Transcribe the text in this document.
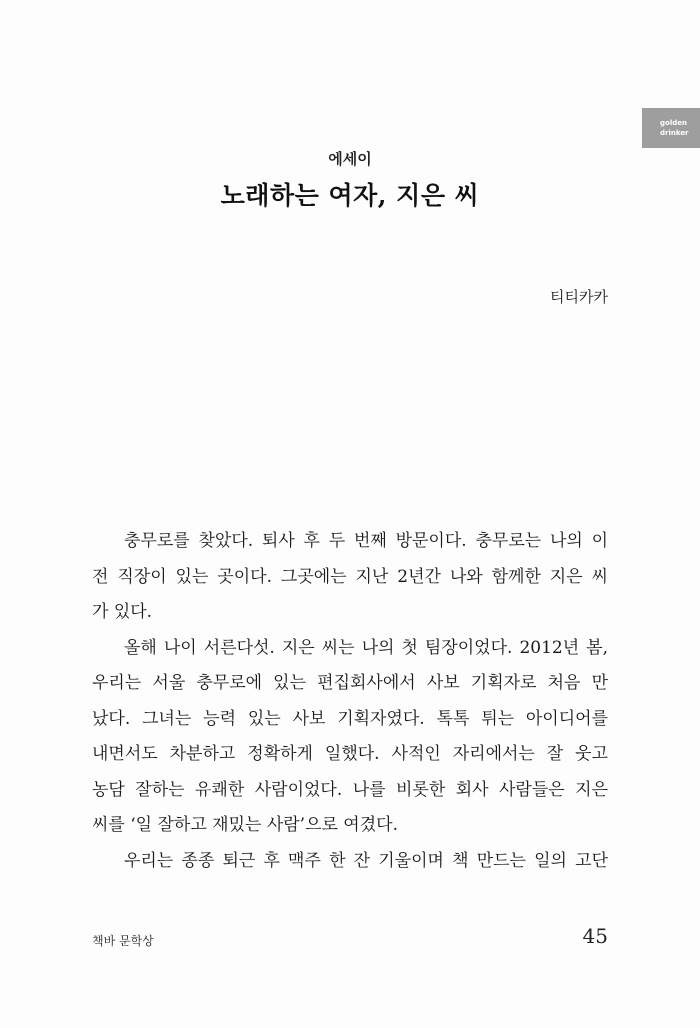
golden
drinker
에세이
노래하는 여자, 지은 씨
티티카카
충무로를 찾았다. 퇴사 후 두 번째 방문이다. 충무로는 나의 이
전 직장이 있는 곳이다. 그곳에는 지난 2년간 나와 함께한 지은 씨
가 있다.
올해 나이 서른다섯. 지은 씨는 나의 첫 팀장이었다. 2012년 봄,
우리는 서울 충무로에 있는 편집회사에서 사보 기획자로 처음 만
났다. 그녀는 능력 있는 사보 기획자였다. 톡톡 튀는 아이디어를
내면서도 차분하고 정확하게 일했다. 사적인 자리에서는 잘 웃고
농담 잘하는 유쾌한 사람이었다. 나를 비롯한 회사 사람들은 지은
씨를 ‘일 잘하고 재밌는 사람’으로 여겼다.
우리는 종종 퇴근 후 맥주 한 잔 기울이며 책 만드는 일의 고단
책바 문학상	45
